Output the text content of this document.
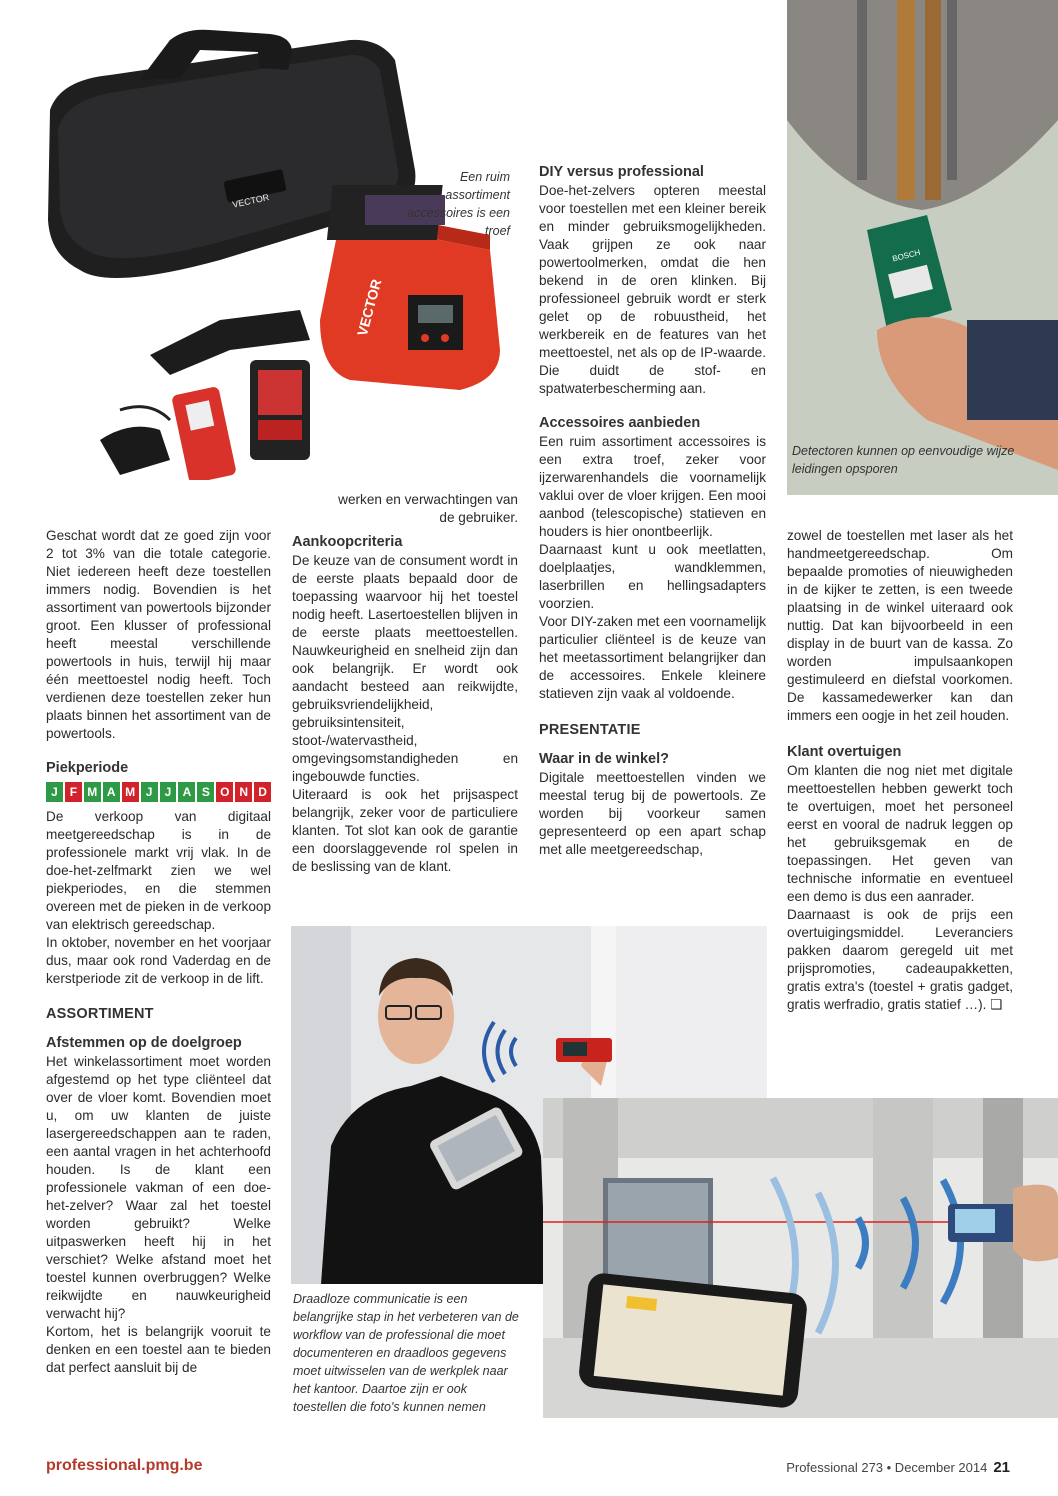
VECTOR
VECTOR
Een ruim assortiment accessoires is een troef
BOSCH
Detectoren kunnen op eenvoudige wijze leidingen opsporen

Geschat wordt dat ze goed zijn voor 2 tot 3% van die totale categorie. Niet iedereen heeft deze toestellen immers nodig. Bovendien is het assortiment van powertools bijzonder groot. Een klusser of professional heeft meestal verschillende powertools in huis, terwijl hij maar één meettoestel nodig heeft. Toch verdienen deze toestellen zeker hun plaats binnen het assortiment van de powertools.

Piekperiode

J F M A M J	J A S O N D

De verkoop van digitaal meetgereedschap is in de professionele markt vrij vlak. In de doe-het-zelfmarkt zien we wel piekperiodes, en die stemmen overeen met de pieken in de verkoop van elektrisch gereedschap.

In oktober, november en het voorjaar dus, maar ook rond Vaderdag en de kerstperiode zit de verkoop in de lift.

ASSORTIMENT

Afstemmen op de doelgroep

Het winkelassortiment moet worden afgestemd op het type cliënteel dat over de vloer komt. Bovendien moet u, om uw klanten de juiste lasergereedschappen aan te raden, een aantal vragen in het achterhoofd houden. Is de klant een professionele vakman of een doe-het-zelver? Waar zal het toestel worden gebruikt? Welke uitpaswerken heeft hij in het verschiet? Welke afstand moet het toestel kunnen overbruggen? Welke reikwijdte en nauwkeurigheid verwacht hij?

Kortom, het is belangrijk vooruit te denken en een toestel aan te bieden dat perfect aansluit bij de

werken en verwachtingen van de gebruiker.

Aankoopcriteria

De keuze van de consument wordt in de eerste plaats bepaald door de toepassing waarvoor hij het toestel nodig heeft. Lasertoestellen blijven in de eerste plaats meettoestellen. Nauwkeurigheid en snelheid zijn dan ook belangrijk. Er wordt ook aandacht besteed aan reikwijdte, gebruiksvriendelijkheid, gebruiksintensiteit, stoot-/watervastheid, omgevingsomstandigheden en ingebouwde functies.

Uiteraard is ook het prijsaspect belangrijk, zeker voor de particuliere klanten. Tot slot kan ook de garantie een doorslaggevende rol spelen in de beslissing van de klant.

DIY versus professional

Doe-het-zelvers opteren meestal voor toestellen met een kleiner bereik en minder gebruiksmogelijkheden. Vaak grijpen ze ook naar powertoolmerken, omdat die hen bekend in de oren klinken. Bij professioneel gebruik wordt er sterk gelet op de robuustheid, het werkbereik en de features van het meettoestel, net als op de IP-waarde. Die duidt de stof- en spatwaterbescherming aan.

Accessoires aanbieden

Een ruim assortiment accessoires is een extra troef, zeker voor ijzerwarenhandels die voornamelijk vaklui over de vloer krijgen. Een mooi aanbod (telescopische) statieven en houders is hier onontbeerlijk.

Daarnaast kunt u ook meetlatten, doelplaatjes, wandklemmen, laserbrillen en hellingsadapters voorzien.

Voor DIY-zaken met een voornamelijk particulier cliënteel is de keuze van het meetassortiment belangrijker dan de accessoires. Enkele kleinere statieven zijn vaak al voldoende.

PRESENTATIE

Waar in de winkel?

Digitale meettoestellen vinden we meestal terug bij de powertools. Ze worden bij voorkeur samen gepresenteerd op een apart schap met alle meetgereedschap,

zowel de toestellen met laser als het handmeetgereedschap. Om bepaalde promoties of nieuwigheden in de kijker te zetten, is een tweede plaatsing in de winkel uiteraard ook nuttig. Dat kan bijvoorbeeld in een display in de buurt van de kassa. Zo worden impulsaankopen gestimuleerd en diefstal voorkomen. De kassamedewerker kan dan immers een oogje in het zeil houden.

Klant overtuigen

Om klanten die nog niet met digitale meettoestellen hebben gewerkt toch te overtuigen, moet het personeel eerst en vooral de nadruk leggen op het gebruiksgemak en de toepassingen. Het geven van technische informatie en eventueel een demo is dus een aanrader.

Daarnaast is ook de prijs een overtuigingsmiddel. Leveranciers pakken daarom geregeld uit met prijspromoties, cadeaupakketten, gratis extra's (toestel + gratis gadget, gratis werfradio, gratis statief …). ❑

Draadloze communicatie is een belangrijke stap in het verbeteren van de workflow van de professional die moet documenteren en draadloos gegevens moet uitwisselen van de werkplek naar het kantoor. Daartoe zijn er ook toestellen die foto's kunnen nemen
professional.pmg.be	Professional 273 • December 2014 21
